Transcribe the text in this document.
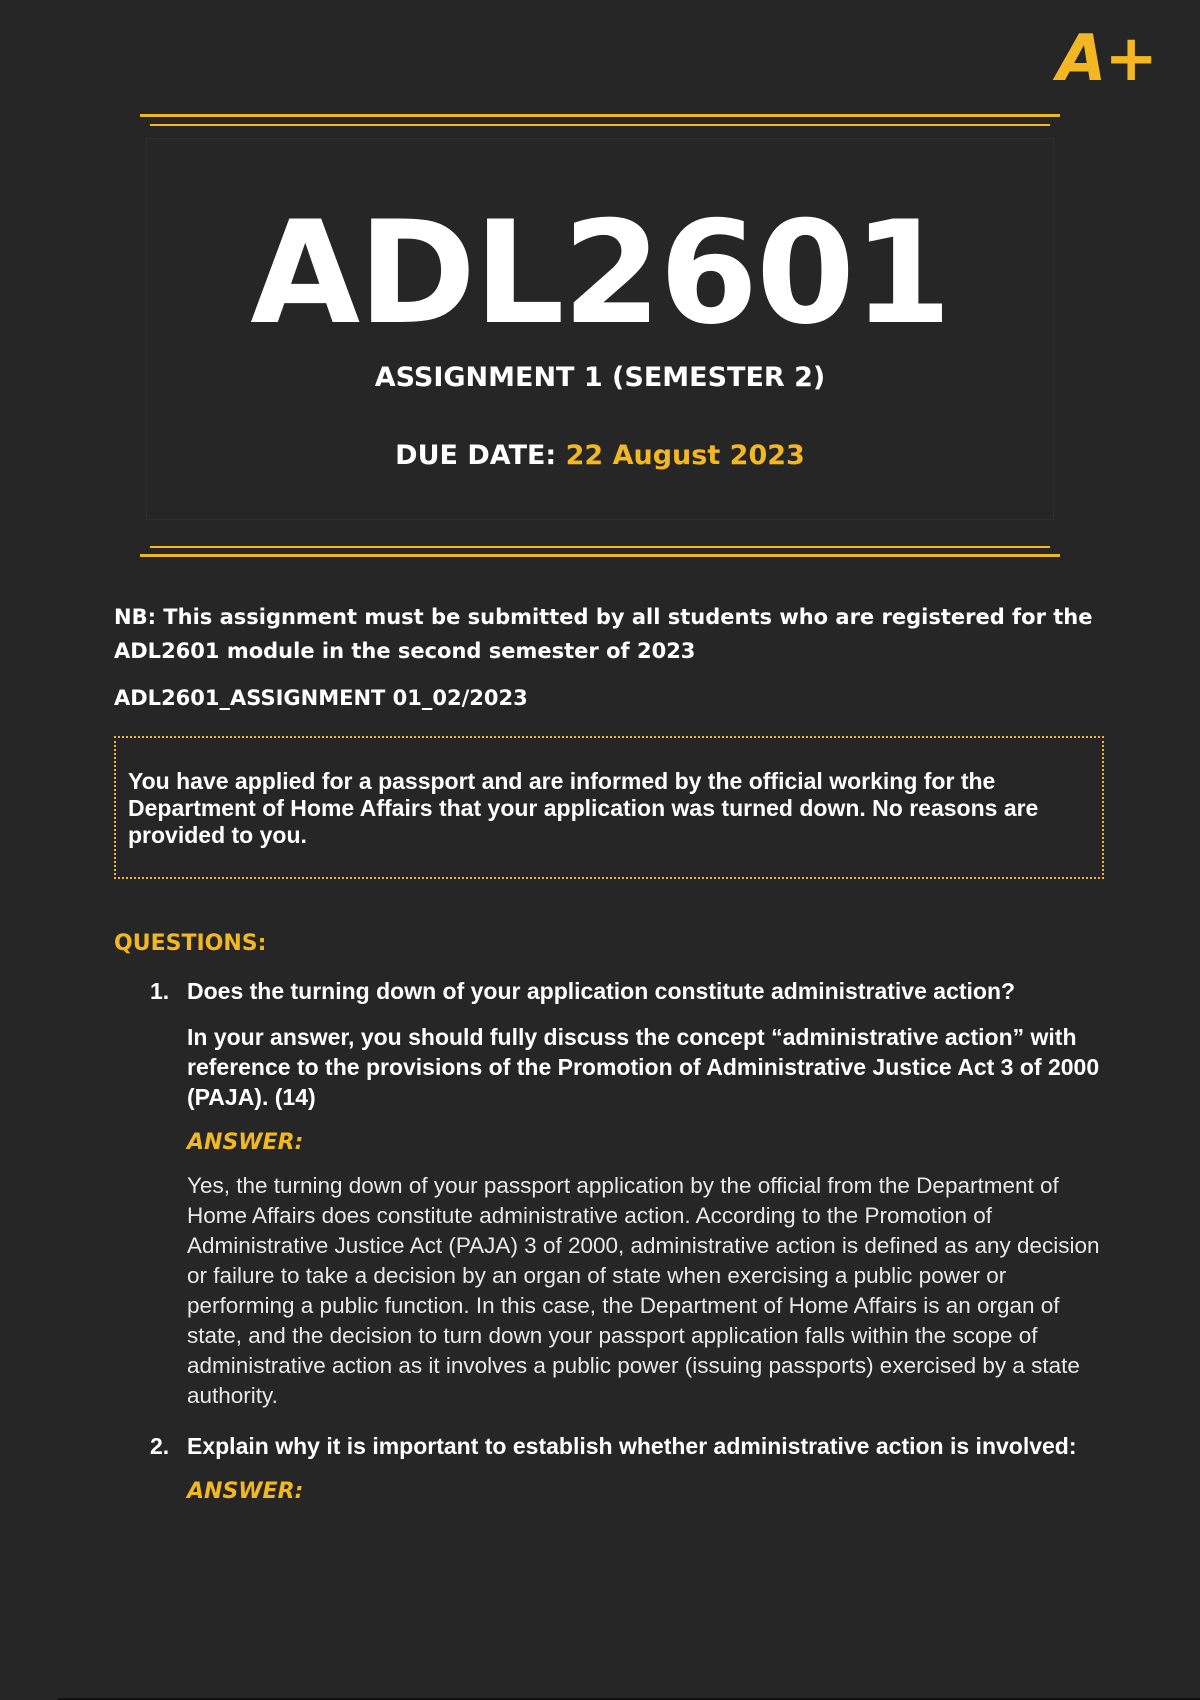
A+
ADL2601
ASSIGNMENT 1 (SEMESTER 2)
DUE DATE: 22 August 2023

NB: This assignment must be submitted by all students who are registered for the ADL2601 module in the second semester of 2023

ADL2601_ASSIGNMENT 01_02/2023

You have applied for a passport and are informed by the official working for the Department of Home Affairs that your application was turned down. No reasons are provided to you.
QUESTIONS:
1. Does the turning down of your application constitute administrative action?

In your answer, you should fully discuss the concept “administrative action” with reference to the provisions of the Promotion of Administrative Justice Act 3 of 2000 (PAJA). (14)

ANSWER:
Yes, the turning down of your passport application by the official from the Department of Home Affairs does constitute administrative action. According to the Promotion of Administrative Justice Act (PAJA) 3 of 2000, administrative action is defined as any decision or failure to take a decision by an organ of state when exercising a public power or performing a public function. In this case, the Department of Home Affairs is an organ of state, and the decision to turn down your passport application falls within the scope of administrative action as it involves a public power (issuing passports) exercised by a state authority.
2. Explain why it is important to establish whether administrative action is involved:

ANSWER:
